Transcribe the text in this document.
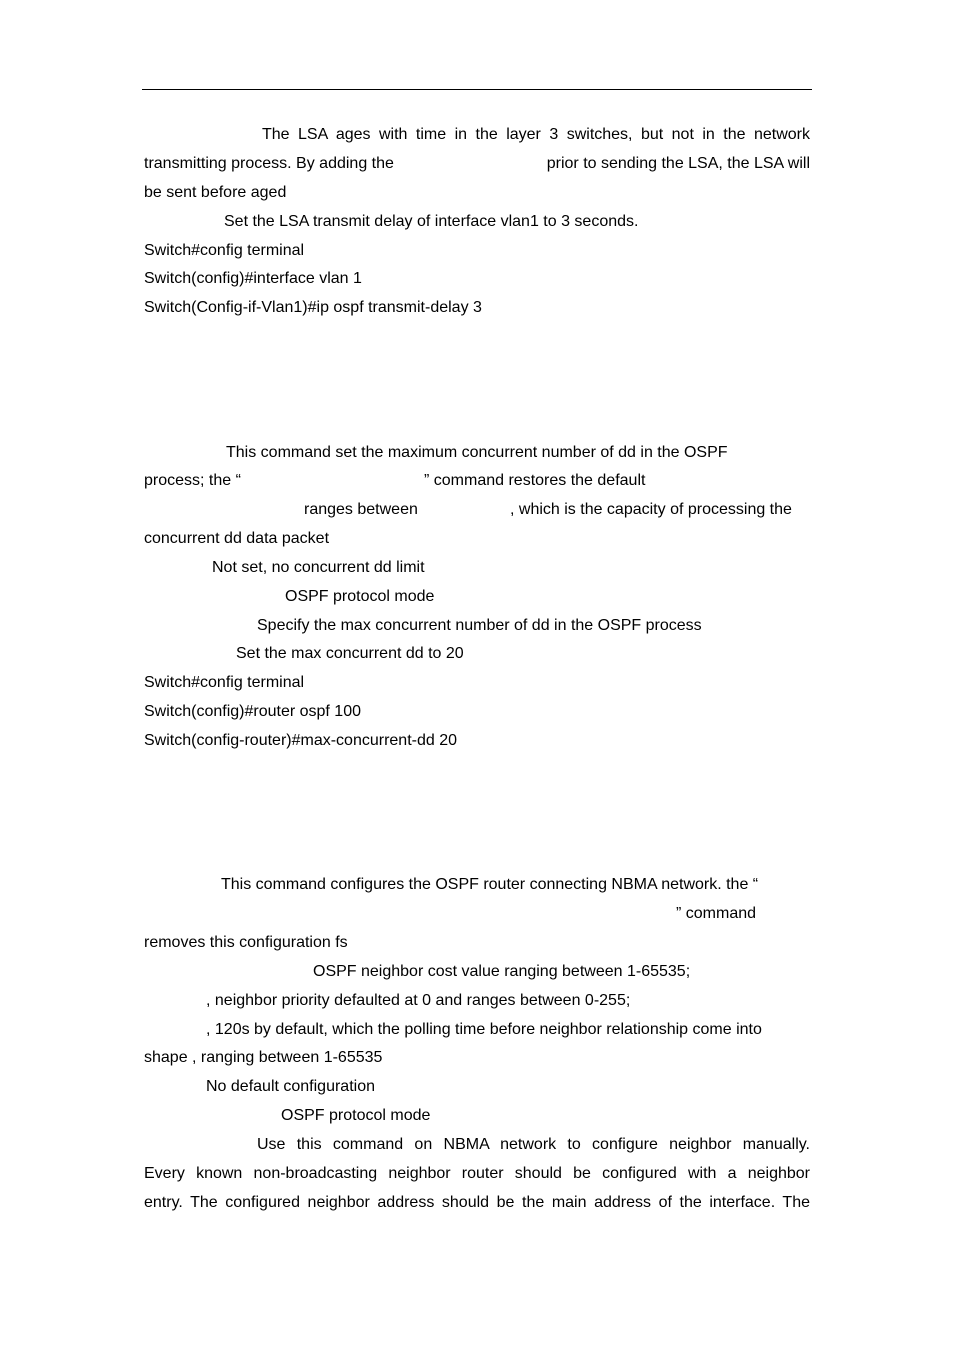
The LSA ages with time in the layer 3 switches, but not in the network

transmitting process. By adding the	prior to sending the LSA, the LSA will

be sent before aged

Set the LSA transmit delay of interface vlan1 to 3 seconds.

Switch#config terminal

Switch(config)#interface vlan 1

Switch(Config-if-Vlan1)#ip ospf transmit-delay 3

This command set the maximum concurrent number of dd in the OSPF

process; the “	” command restores the default

ranges between	, which is the capacity of processing the

concurrent dd data packet

Not set, no concurrent dd limit

OSPF protocol mode

Specify the max concurrent number of dd in the OSPF process

Set the max concurrent dd to 20

Switch#config terminal

Switch(config)#router ospf 100

Switch(config-router)#max-concurrent-dd 20

This command configures the OSPF router connecting NBMA network. the “

” command

removes this configuration fs

OSPF neighbor cost value ranging between 1-65535;

, neighbor priority defaulted at 0 and ranges between 0-255;

, 120s by default, which the polling time before neighbor relationship come into

shape , ranging between 1-65535

No default configuration

OSPF protocol mode

Use this command on NBMA network to configure neighbor manually.

Every known non-broadcasting neighbor router should be configured with a neighbor

entry. The configured neighbor address should be the main address of the interface. The
